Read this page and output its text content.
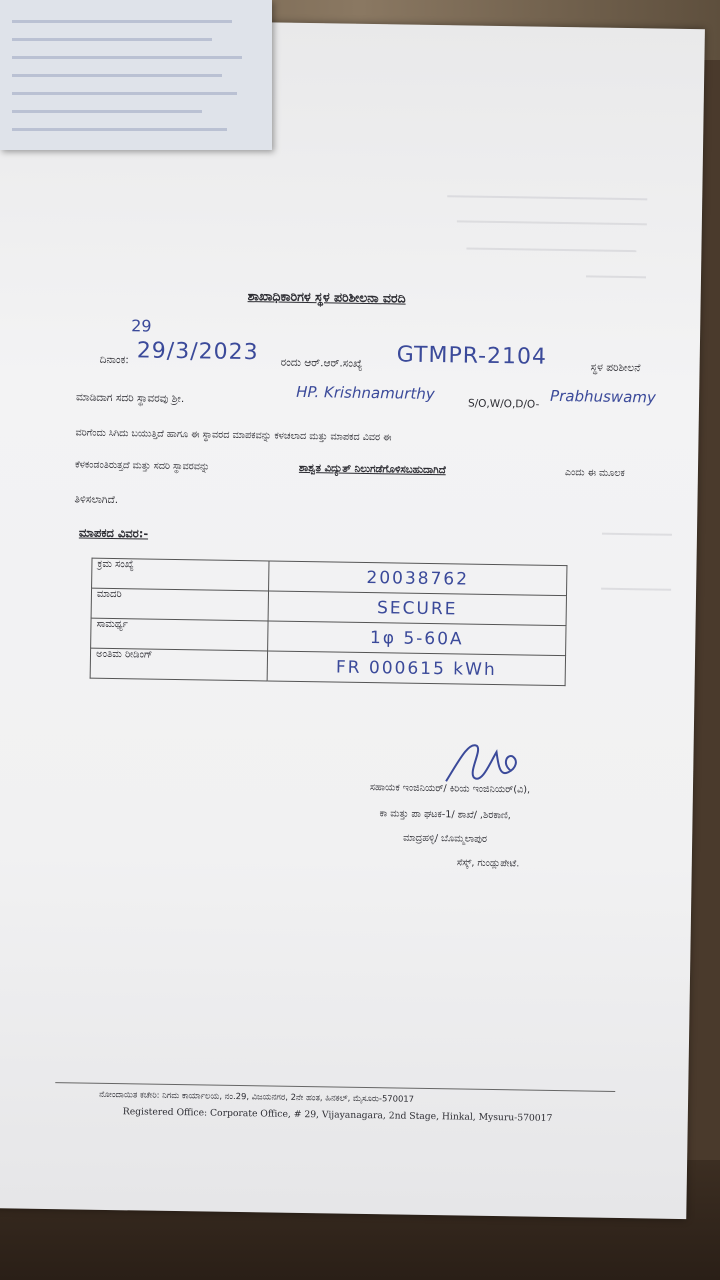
ಶಾಖಾಧಿಕಾರಿಗಳ ಸ್ಥಳ ಪರಿಶೀಲನಾ ವರದಿ
ದಿನಾಂಕ:
29
29/3/2023 ರಂದು ಆರ್.ಆರ್.ಸಂಖ್ಯೆ GTMPR-2104	ಸ್ಥಳ ಪರಿಶೀಲನೆ
ಮಾಡಿದಾಗ ಸದರಿ ಸ್ಥಾವರವು ಶ್ರೀ.	HP. Krishnamurthy
S/O,W/O,D/O- Prabhuswamy
ವರಿಗೆಂದು ಸಿಗಿದು ಬಯುತ್ತಿದೆ ಹಾಗೂ ಈ ಸ್ಥಾವರದ ಮಾಪಕವನ್ನು ಕಳಚಲಾದ ಮತ್ತು ಮಾಪಕದ ವಿವರ ಈ
ಕೆಳಕಂಡಂತಿರುತ್ತದೆ ಮತ್ತು ಸದರಿ ಸ್ಥಾವರವನ್ನು	ಶಾಶ್ವತ ವಿದ್ಯುತ್ ನಿಲುಗಡೆಗೊಳಿಸಬಹುದಾಗಿದೆ	ಎಂದು ಈ ಮೂಲಕ
ತಿಳಿಸಲಾಗಿದೆ.
ಮಾಪಕದ ವಿವರ:-
ಕ್ರಮ ಸಂಖ್ಯೆ	20038762
ಮಾದರಿ	SECURE
ಸಾಮರ್ಥ್ಯ	1φ 5-60A
ಅಂತಿಮ ರೀಡಿಂಗ್	FR 000615 kWh
ಸಹಾಯಕ ಇಂಜಿನಿಯರ್/ ಕಿರಿಯ ಇಂಜಿನಿಯರ್(ವಿ),
ಕಾ ಮತ್ತು ಪಾ ಘಟಕ-1/ ಶಾಖೆ/ ,ಶಿರಕಾಣಿ,
ಮಾದ್ರಹಳ್ಳಿ/ ಬೊಮ್ಮಲಾಪುರ
ಸೆಸ್ಕ್, ಗುಂಡ್ಲುಪೇಟೆ.
ನೋಂದಾಯಿತ ಕಚೇರಿ: ನಿಗಮ ಕಾರ್ಯಾಲಯ, ನಂ.29, ವಿಜಯನಗರ, 2ನೇ ಹಂತ, ಹಿನಕಲ್, ಮೈಸೂರು-570017
Registered Office: Corporate Office, # 29, Vijayanagara, 2nd Stage, Hinkal, Mysuru-570017
